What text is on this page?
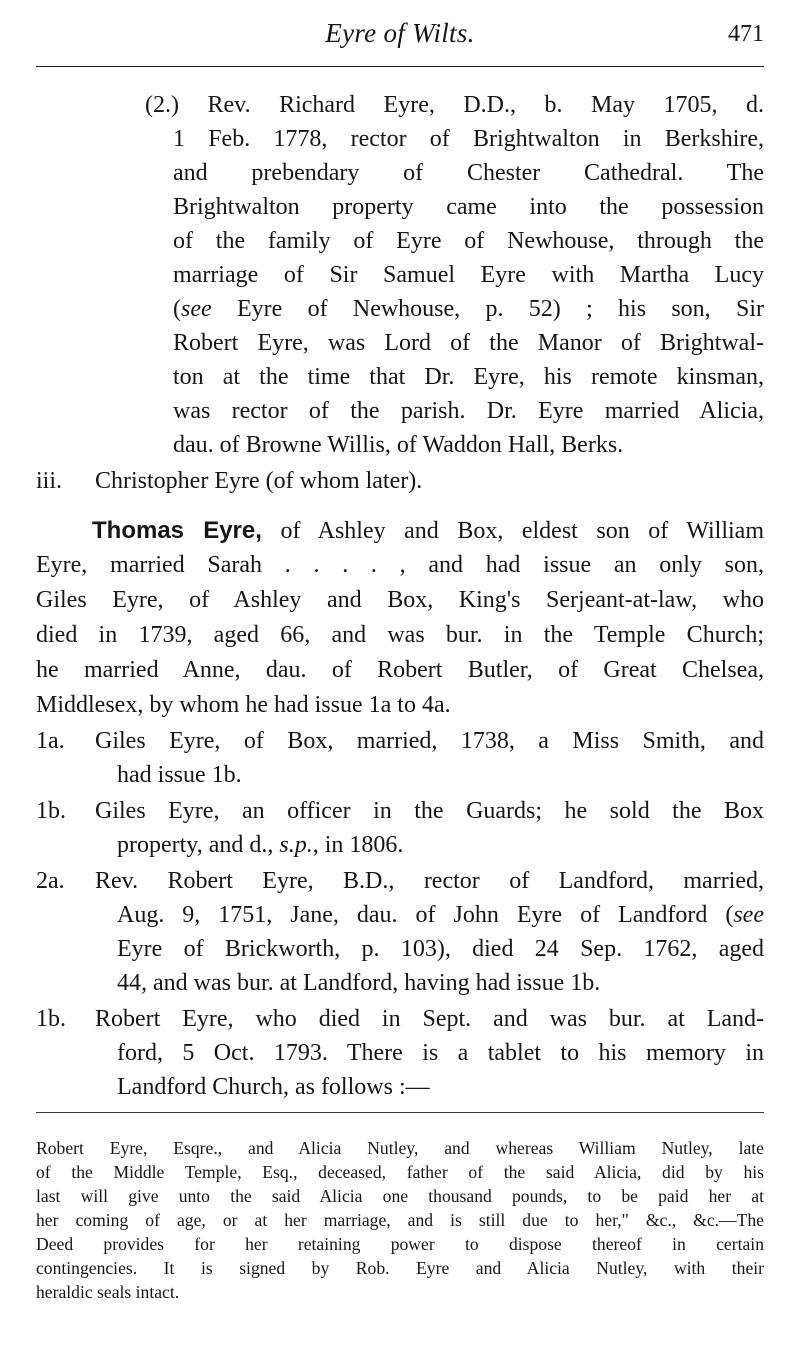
Eyre of Wilts.	471
(2.) Rev. Richard Eyre, D.D., b. May 1705, d.
1 Feb. 1778, rector of Brightwalton in Berkshire,
and prebendary of Chester Cathedral. The
Brightwalton property came into the possession
of the family of Eyre of Newhouse, through the
marriage of Sir Samuel Eyre with Martha Lucy
(see Eyre of Newhouse, p. 52) ; his son, Sir
Robert Eyre, was Lord of the Manor of Brightwal-
ton at the time that Dr. Eyre, his remote kinsman,
was rector of the parish. Dr. Eyre married Alicia,
dau. of Browne Willis, of Waddon Hall, Berks.
iii. Christopher Eyre (of whom later).
Thomas Eyre, of Ashley and Box, eldest son of William
Eyre, married Sarah . . . . , and had issue an only son,
Giles Eyre, of Ashley and Box, King's Serjeant-at-law, who
died in 1739, aged 66, and was bur. in the Temple Church;
he married Anne, dau. of Robert Butler, of Great Chelsea,
Middlesex, by whom he had issue 1a to 4a.
1a. Giles Eyre, of Box, married, 1738, a Miss Smith, and
had issue 1b.
1b. Giles Eyre, an officer in the Guards; he sold the Box
property, and d., s.p., in 1806.
2a. Rev. Robert Eyre, B.D., rector of Landford, married,
Aug. 9, 1751, Jane, dau. of John Eyre of Landford (see
Eyre of Brickworth, p. 103), died 24 Sep. 1762, aged
44, and was bur. at Landford, having had issue 1b.
1b. Robert Eyre, who died in Sept. and was bur. at Land-
ford, 5 Oct. 1793. There is a tablet to his memory in
Landford Church, as follows :—
Robert Eyre, Esqre., and Alicia Nutley, and whereas William Nutley, late
of the Middle Temple, Esq., deceased, father of the said Alicia, did by his
last will give unto the said Alicia one thousand pounds, to be paid her at
her coming of age, or at her marriage, and is still due to her," &c., &c.—The
Deed provides for her retaining power to dispose thereof in certain
contingencies. It is signed by Rob. Eyre and Alicia Nutley, with their
heraldic seals intact.
